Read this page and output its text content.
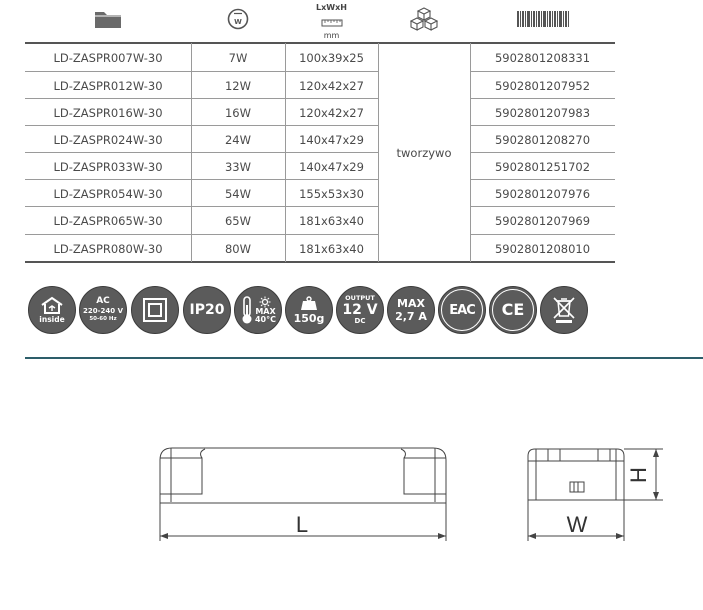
W
LxWxH
mm
LD-ZASPR007W-30	7W	100x39x25	5902801208331
LD-ZASPR012W-30	12W	120x42x27	5902801207952
LD-ZASPR016W-30	16W	120x42x27	5902801207983
LD-ZASPR024W-30	24W	140x47x29	5902801208270
LD-ZASPR033W-30	33W	140x47x29	5902801251702
LD-ZASPR054W-30	54W	155x53x30	5902801207976
LD-ZASPR065W-30	65W	181x63x40	5902801207969
LD-ZASPR080W-30	80W	181x63x40	5902801208010
tworzywo
inside
AC
220-240 V
50-60 Hz
IP20	MAX
40°C 150g
OUTPUT
12 V
DC
MAX
2,7 A EAC CE
L	W
H
